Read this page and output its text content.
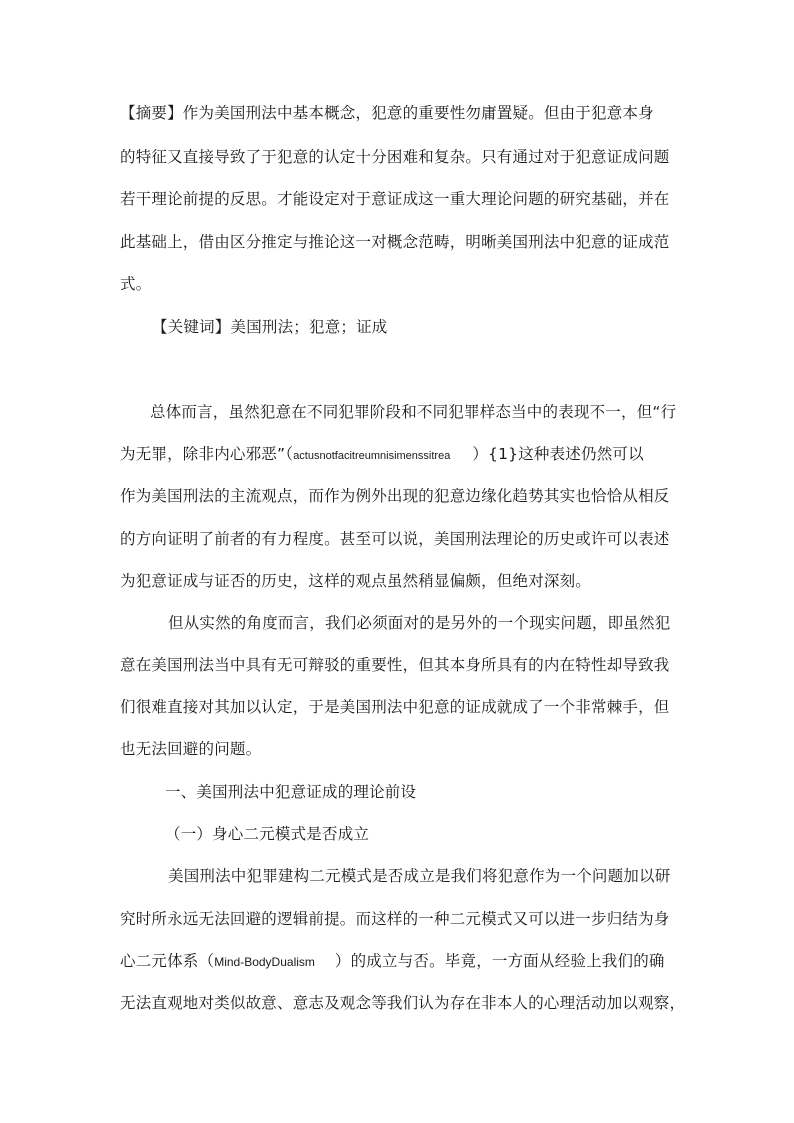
【摘要】作为美国刑法中基本概念，犯意的重要性勿庸置疑。但由于犯意本身
的特征又直接导致了于犯意的认定十分困难和复杂。只有通过对于犯意证成问题
若干理论前提的反思。才能设定对于意证成这一重大理论问题的研究基础，并在
此基础上，借由区分推定与推论这一对概念范畴，明晰美国刑法中犯意的证成范
式。
【关键词】美国刑法；犯意；证成
总体而言，虽然犯意在不同犯罪阶段和不同犯罪样态当中的表现不一，但“行
为无罪，除非内心邪恶”（actusnotfacitreumnisimenssitrea ）{1}这种表述仍然可以
作为美国刑法的主流观点，而作为例外出现的犯意边缘化趋势其实也恰恰从相反
的方向证明了前者的有力程度。甚至可以说，美国刑法理论的历史或许可以表述
为犯意证成与证否的历史，这样的观点虽然稍显偏颇，但绝对深刻。
但从实然的角度而言，我们必须面对的是另外的一个现实问题，即虽然犯
意在美国刑法当中具有无可辩驳的重要性，但其本身所具有的内在特性却导致我
们很难直接对其加以认定，于是美国刑法中犯意的证成就成了一个非常棘手，但
也无法回避的问题。
一、美国刑法中犯意证成的理论前设
（一）身心二元模式是否成立
美国刑法中犯罪建构二元模式是否成立是我们将犯意作为一个问题加以研
究时所永远无法回避的逻辑前提。而这样的一种二元模式又可以进一步归结为身
心二元体系（Mind-BodyDualism ）的成立与否。毕竟，一方面从经验上我们的确
无法直观地对类似故意、意志及观念等我们认为存在非本人的心理活动加以观察，
